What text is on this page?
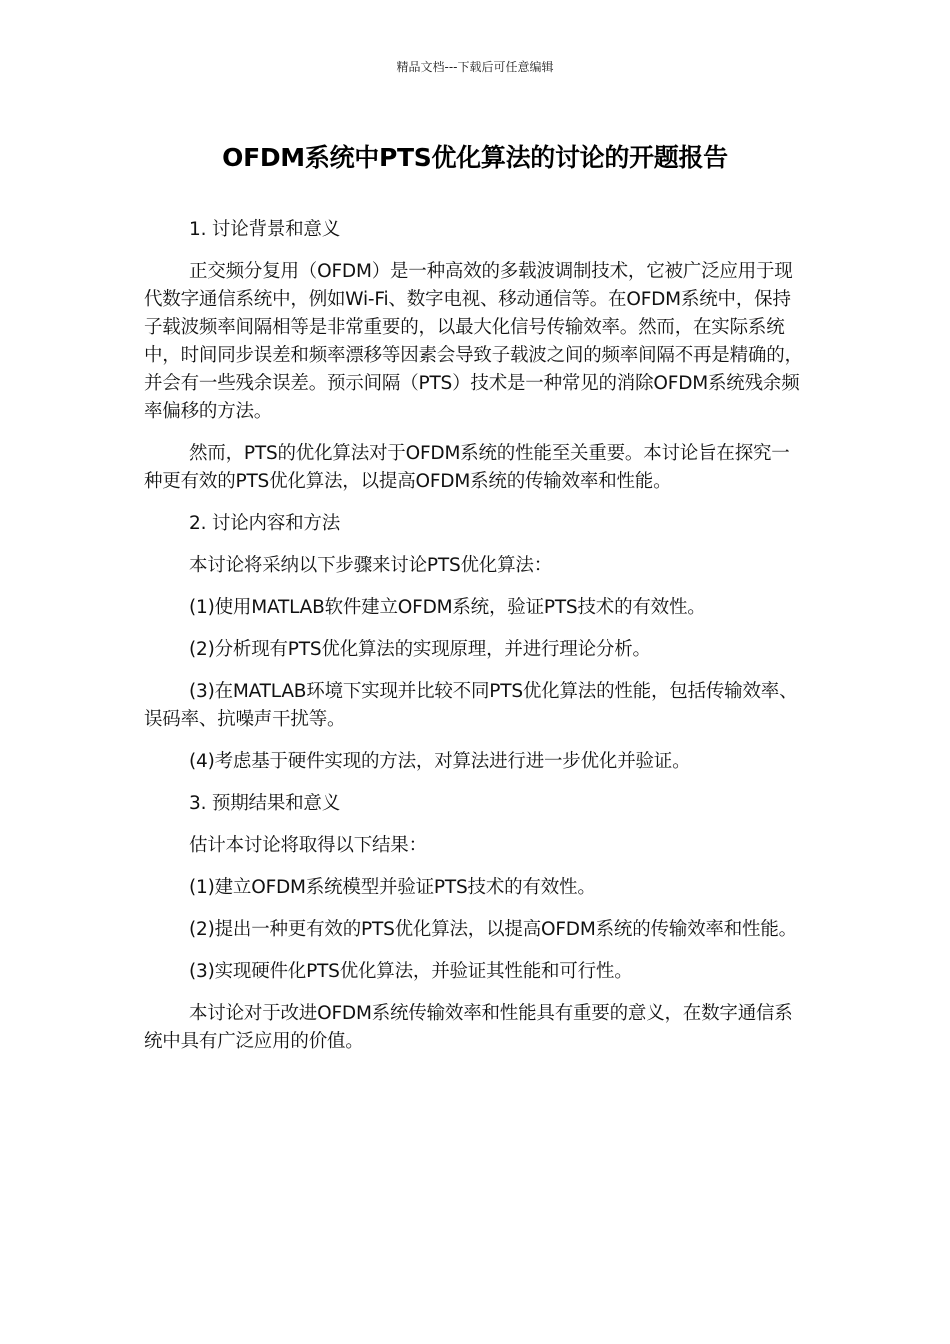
精品文档---下载后可任意编辑
OFDM系统中PTS优化算法的讨论的开题报告

1. 讨论背景和意义

正交频分复用（OFDM）是一种高效的多载波调制技术，它被广泛应用于现代数字通信系统中，例如Wi-Fi、数字电视、移动通信等。在OFDM系统中，保持子载波频率间隔相等是非常重要的，以最大化信号传输效率。然而，在实际系统中，时间同步误差和频率漂移等因素会导致子载波之间的频率间隔不再是精确的，并会有一些残余误差。预示间隔（PTS）技术是一种常见的消除OFDM系统残余频率偏移的方法。

然而，PTS的优化算法对于OFDM系统的性能至关重要。本讨论旨在探究一种更有效的PTS优化算法，以提高OFDM系统的传输效率和性能。

2. 讨论内容和方法

本讨论将采纳以下步骤来讨论PTS优化算法：

(1)使用MATLAB软件建立OFDM系统，验证PTS技术的有效性。

(2)分析现有PTS优化算法的实现原理，并进行理论分析。

(3)在MATLAB环境下实现并比较不同PTS优化算法的性能，包括传输效率、误码率、抗噪声干扰等。

(4)考虑基于硬件实现的方法，对算法进行进一步优化并验证。

3. 预期结果和意义

估计本讨论将取得以下结果：

(1)建立OFDM系统模型并验证PTS技术的有效性。

(2)提出一种更有效的PTS优化算法，以提高OFDM系统的传输效率和性能。

(3)实现硬件化PTS优化算法，并验证其性能和可行性。

本讨论对于改进OFDM系统传输效率和性能具有重要的意义，在数字通信系统中具有广泛应用的价值。
